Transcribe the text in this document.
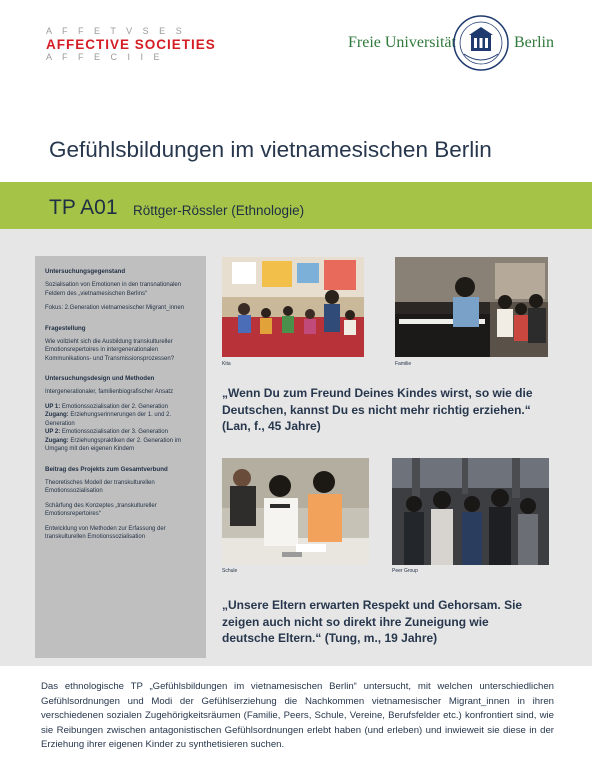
A F F E T V S E S
AFFECTIVE SOCIETIES
A F F E C I I E
Freie Universität	Berlin
Gefühlsbildungen im vietnamesischen Berlin
TP A01 Röttger-Rössler (Ethnologie)
Untersuchungsgegenstand
Sozialisation von Emotionen in den transnationalen Feldern des „vietnamesischen Berlins“
Fokus: 2.Generation vietnamesischer Migrant_innen
Fragestellung
Wie vollzieht sich die Ausbildung transkultureller Emotionsrepertoires in intergenerationalen Kommunikations- und Transmissionsprozessen?
Untersuchungsdesign und Methoden
Intergenerationaler, familienbiografischer Ansatz
UP 1: Emotionssozialisation der 2. Generation
Zugang: Erziehungserinnerungen der 1. und 2. Generation
UP 2: Emotionssozialisation der 3. Generation
Zugang: Erziehungspraktiken der 2. Generation im Umgang mit den eigenen Kindern
Beitrag des Projekts zum Gesamtverbund
Theoretisches Modell der transkulturellen Emotionssozialisation
Schärfung des Konzeptes „transkultureller Emotionsrepertoires“
Entwicklung von Methoden zur Erfassung der transkulturellen Emotionssozialisation
Kita	Familie
„Wenn Du zum Freund Deines Kindes wirst, so wie die Deutschen, kannst Du es nicht mehr richtig erziehen.“ (Lan, f., 45 Jahre)
Schule	Peer Group
„Unsere Eltern erwarten Respekt und Gehorsam. Sie zeigen auch nicht so direkt ihre Zuneigung wie deutsche Eltern.“ (Tung, m., 19 Jahre)

Das ethnologische TP „Gefühlsbildungen im vietnamesischen Berlin“ untersucht, mit welchen unterschiedlichen Gefühlsordnungen und Modi der Gefühlserziehung die Nachkommen vietnamesischer Migrant_innen in ihren verschiedenen sozialen Zugehörigkeitsräumen (Familie, Peers, Schule, Vereine, Berufsfelder etc.) konfrontiert sind, wie sie Reibungen zwischen antagonistischen Gefühlsordnungen erlebt haben (und erleben) und inwieweit sie diese in der Erziehung ihrer eigenen Kinder zu synthetisieren suchen.
